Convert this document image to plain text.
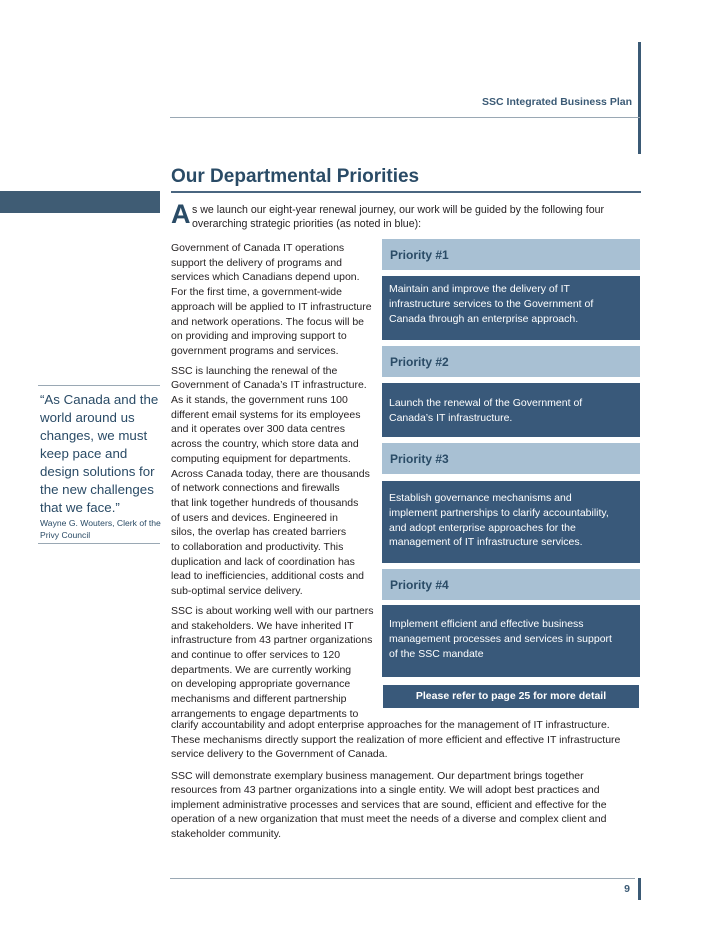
SSC Integrated Business Plan
Our Departmental Priorities
A s we launch our eight-year renewal journey, our work will be guided by the following four
overarching strategic priorities (as noted in blue):

Government of Canada IT operations
support the delivery of programs and
services which Canadians depend upon.
For the first time, a government-wide
approach will be applied to IT infrastructure
and network operations. The focus will be
on providing and improving support to
government programs and services.

SSC is launching the renewal of the
Government of Canada’s IT infrastructure.
As it stands, the government runs 100
different email systems for its employees
and it operates over 300 data centres
across the country, which store data and
computing equipment for departments.
Across Canada today, there are thousands
of network connections and firewalls
that link together hundreds of thousands
of users and devices. Engineered in
silos, the overlap has created barriers
to collaboration and productivity. This
duplication and lack of coordination has
lead to inefficiencies, additional costs and
sub-optimal service delivery.

SSC is about working well with our partners
and stakeholders. We have inherited IT
infrastructure from 43 partner organizations
and continue to offer services to 120
departments. We are currently working
on developing appropriate governance
mechanisms and different partnership
arrangements to engage departments to

clarify accountability and adopt enterprise approaches for the management of IT infrastructure.
These mechanisms directly support the realization of more efficient and effective IT infrastructure
service delivery to the Government of Canada.

SSC will demonstrate exemplary business management. Our department brings together
resources from 43 partner organizations into a single entity. We will adopt best practices and
implement administrative processes and services that are sound, efficient and effective for the
operation of a new organization that must meet the needs of a diverse and complex client and
stakeholder community.

Priority #1
Maintain and improve the delivery of IT
infrastructure services to the Government of
Canada through an enterprise approach.
Priority #2
Launch the renewal of the Government of
Canada’s IT infrastructure.
Priority #3
Establish governance mechanisms and
implement partnerships to clarify accountability,
and adopt enterprise approaches for the
management of IT infrastructure services.
Priority #4
Implement efficient and effective business
management processes and services in support
of the SSC mandate
Please refer to page 25 for more detail
“As Canada and the
world around us
changes, we must
keep pace and
design solutions for
the new challenges
that we face.”
Wayne G. Wouters, Clerk of the
Privy Council
9
